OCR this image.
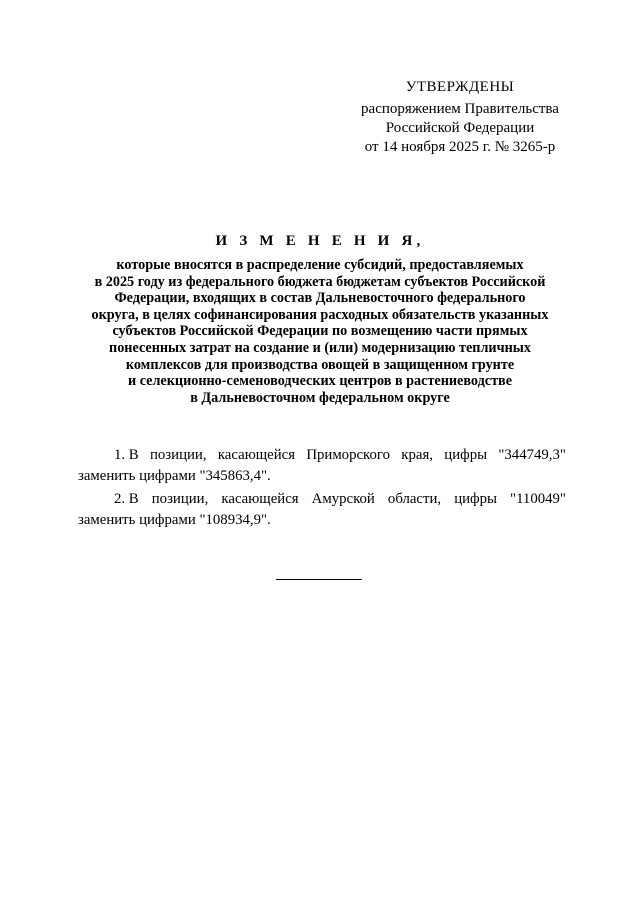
УТВЕРЖДЕНЫ
распоряжением Правительства
Российской Федерации
от 14 ноября 2025 г. № 3265-р
И З М Е Н Е Н И Я,
которые вносятся в распределение субсидий, предоставляемых
в 2025 году из федерального бюджета бюджетам субъектов Российской
Федерации, входящих в состав Дальневосточного федерального
округа, в целях софинансирования расходных обязательств указанных
субъектов Российской Федерации по возмещению части прямых
понесенных затрат на создание и (или) модернизацию тепличных
комплексов для производства овощей в защищенном грунте
и селекционно-семеноводческих центров в растениеводстве
в Дальневосточном федеральном округе
1. В позиции, касающейся Приморского края, цифры "344749,3"
заменить цифрами "345863,4".
2. В позиции, касающейся Амурской области, цифры "110049"
заменить цифрами "108934,9".
